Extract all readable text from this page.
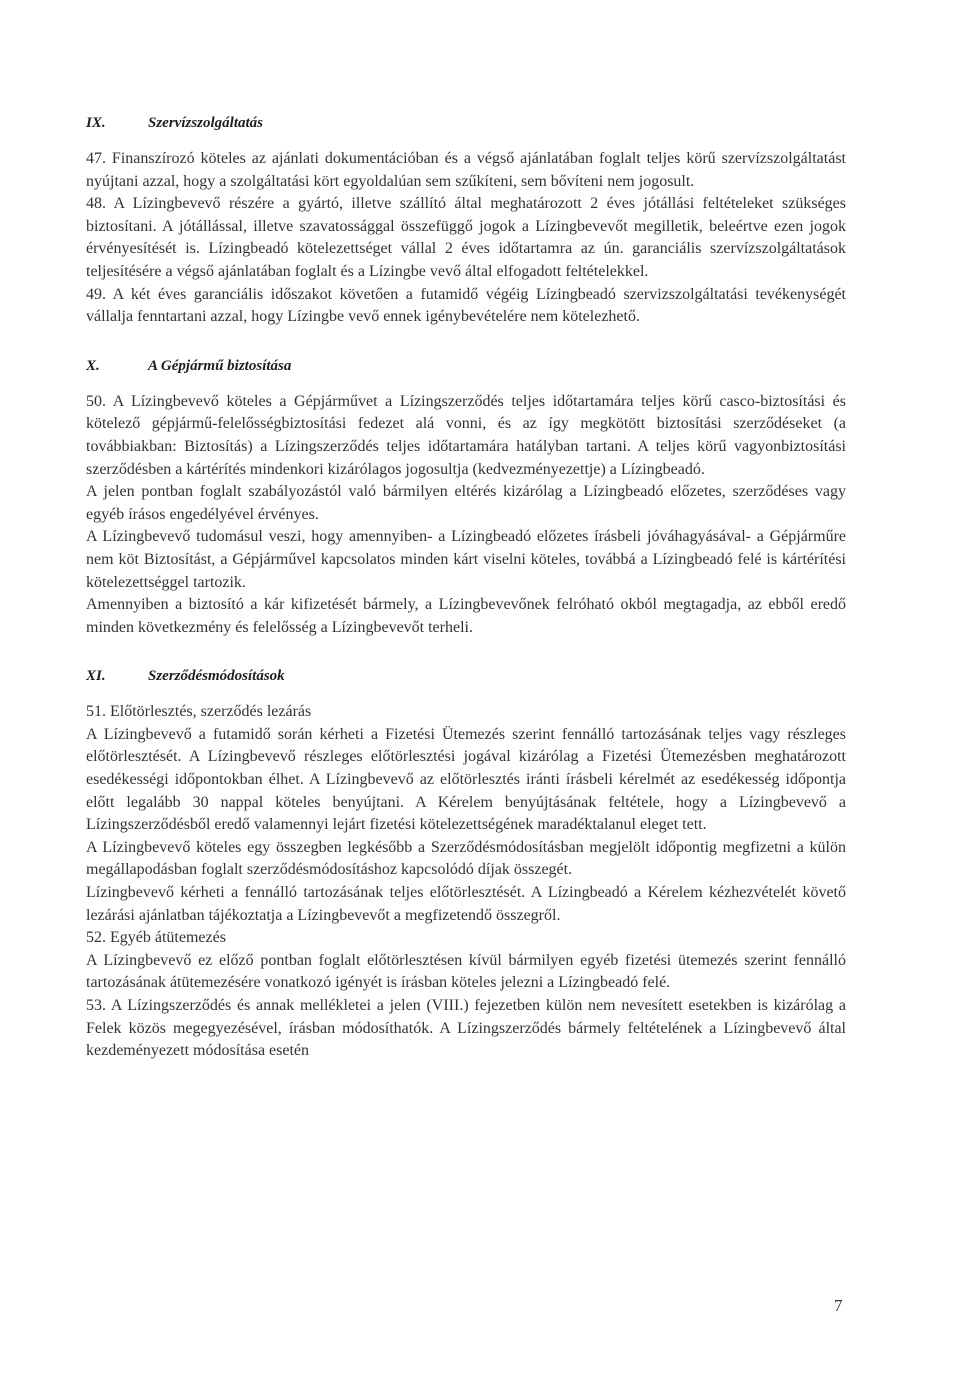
IX.	Szervízszolgáltatás

47. Finanszírozó köteles az ajánlati dokumentációban és a végső ajánlatában foglalt teljes körű szervízszolgáltatást nyújtani azzal, hogy a szolgáltatási kört egyoldalúan sem szűkíteni, sem bővíteni nem jogosult.

48. A Lízingbevevő részére a gyártó, illetve szállító által meghatározott 2 éves jótállási feltételeket szükséges biztosítani. A jótállással, illetve szavatossággal összefüggő jogok a Lízingbevevőt megilletik, beleértve ezen jogok érvényesítését is. Lízingbeadó kötelezettséget vállal 2 éves időtartamra az ún. garanciális szervízszolgáltatások teljesítésére a végső ajánlatában foglalt és a Lízingbe vevő által elfogadott feltételekkel.

49. A két éves garanciális időszakot követően a futamidő végéig Lízingbeadó szervizszolgáltatási tevékenységét vállalja fenntartani azzal, hogy Lízingbe vevő ennek igénybevételére nem kötelezhető.

X.	A Gépjármű biztosítása

50. A Lízingbevevő köteles a Gépjárművet a Lízingszerződés teljes időtartamára teljes körű casco-biztosítási és kötelező gépjármű-felelősségbiztosítási fedezet alá vonni, és az így megkötött biztosítási szerződéseket (a továbbiakban: Biztosítás) a Lízingszerződés teljes időtartamára hatályban tartani. A teljes körű vagyonbiztosítási szerződésben a kártérítés mindenkori kizárólagos jogosultja (kedvezményezettje) a Lízingbeadó.

A jelen pontban foglalt szabályozástól való bármilyen eltérés kizárólag a Lízingbeadó előzetes, szerződéses vagy egyéb írásos engedélyével érvényes.

A Lízingbevevő tudomásul veszi, hogy amennyiben- a Lízingbeadó előzetes írásbeli jóváhagyásával- a Gépjárműre nem köt Biztosítást, a Gépjárművel kapcsolatos minden kárt viselni köteles, továbbá a Lízingbeadó felé is kártérítési kötelezettséggel tartozik.

Amennyiben a biztosító a kár kifizetését bármely, a Lízingbevevőnek felróható okból megtagadja, az ebből eredő minden következmény és felelősség a Lízingbevevőt terheli.

XI.	Szerződésmódosítások

51. Előtörlesztés, szerződés lezárás

A Lízingbevevő a futamidő során kérheti a Fizetési Ütemezés szerint fennálló tartozásának teljes vagy részleges előtörlesztését. A Lízingbevevő részleges előtörlesztési jogával kizárólag a Fizetési Ütemezésben meghatározott esedékességi időpontokban élhet. A Lízingbevevő az előtörlesztés iránti írásbeli kérelmét az esedékesség időpontja előtt legalább 30 nappal köteles benyújtani. A Kérelem benyújtásának feltétele, hogy a Lízingbevevő a Lízingszerződésből eredő valamennyi lejárt fizetési kötelezettségének maradéktalanul eleget tett.

A Lízingbevevő köteles egy összegben legkésőbb a Szerződésmódosításban megjelölt időpontig megfizetni a külön megállapodásban foglalt szerződésmódosításhoz kapcsolódó díjak összegét.

Lízingbevevő kérheti a fennálló tartozásának teljes előtörlesztését. A Lízingbeadó a Kérelem kézhezvételét követő lezárási ajánlatban tájékoztatja a Lízingbevevőt a megfizetendő összegről.

52. Egyéb átütemezés

A Lízingbevevő ez előző pontban foglalt előtörlesztésen kívül bármilyen egyéb fizetési ütemezés szerint fennálló tartozásának átütemezésére vonatkozó igényét is írásban köteles jelezni a Lízingbeadó felé.

53. A Lízingszerződés és annak mellékletei a jelen (VIII.) fejezetben külön nem nevesített esetekben is kizárólag a Felek közös megegyezésével, írásban módosíthatók. A Lízingszerződés bármely feltételének a Lízingbevevő által kezdeményezett módosítása esetén

7
